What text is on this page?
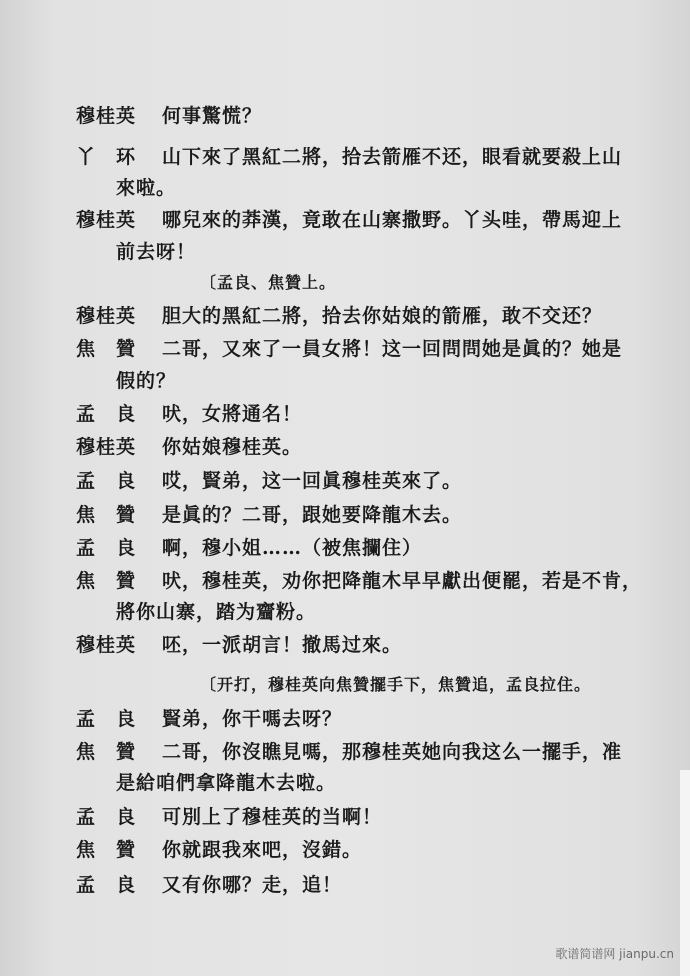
穆桂英 何事驚慌？
丫　环 山下來了黑紅二將，拾去箭雁不还，眼看就要殺上山
來啦。
穆桂英 哪兒來的莽漢，竟敢在山寨撒野。丫头哇，帶馬迎上
前去呀！
〔孟良、焦贊上。
穆桂英 胆大的黑紅二將，拾去你姑娘的箭雁，敢不交还？
焦　贊 二哥，又來了一員女將！这一回問問她是眞的？她是
假的？
孟　良 吠，女將通名！
穆桂英 你姑娘穆桂英。
孟　良 哎，賢弟，这一回眞穆桂英來了。
焦　贊 是眞的？二哥，跟她要降龍木去。
孟　良 啊，穆小姐……（被焦攔住）
焦　贊 吠，穆桂英，劝你把降龍木早早獻出便罷，若是不肯，
將你山寨，踏为齏粉。
穆桂英 呸，一派胡言！撤馬过來。
〔开打，穆桂英向焦贊擺手下，焦贊追，孟良拉住。
孟　良 賢弟，你干嗎去呀？
焦　贊 二哥，你沒瞧見嗎，那穆桂英她向我这么一擺手，准
是給咱們拿降龍木去啦。
孟　良 可別上了穆桂英的当啊！
焦　贊 你就跟我來吧，沒錯。
孟　良 又有你哪？走，追！
歌谱简谱网 jianpu.cn
